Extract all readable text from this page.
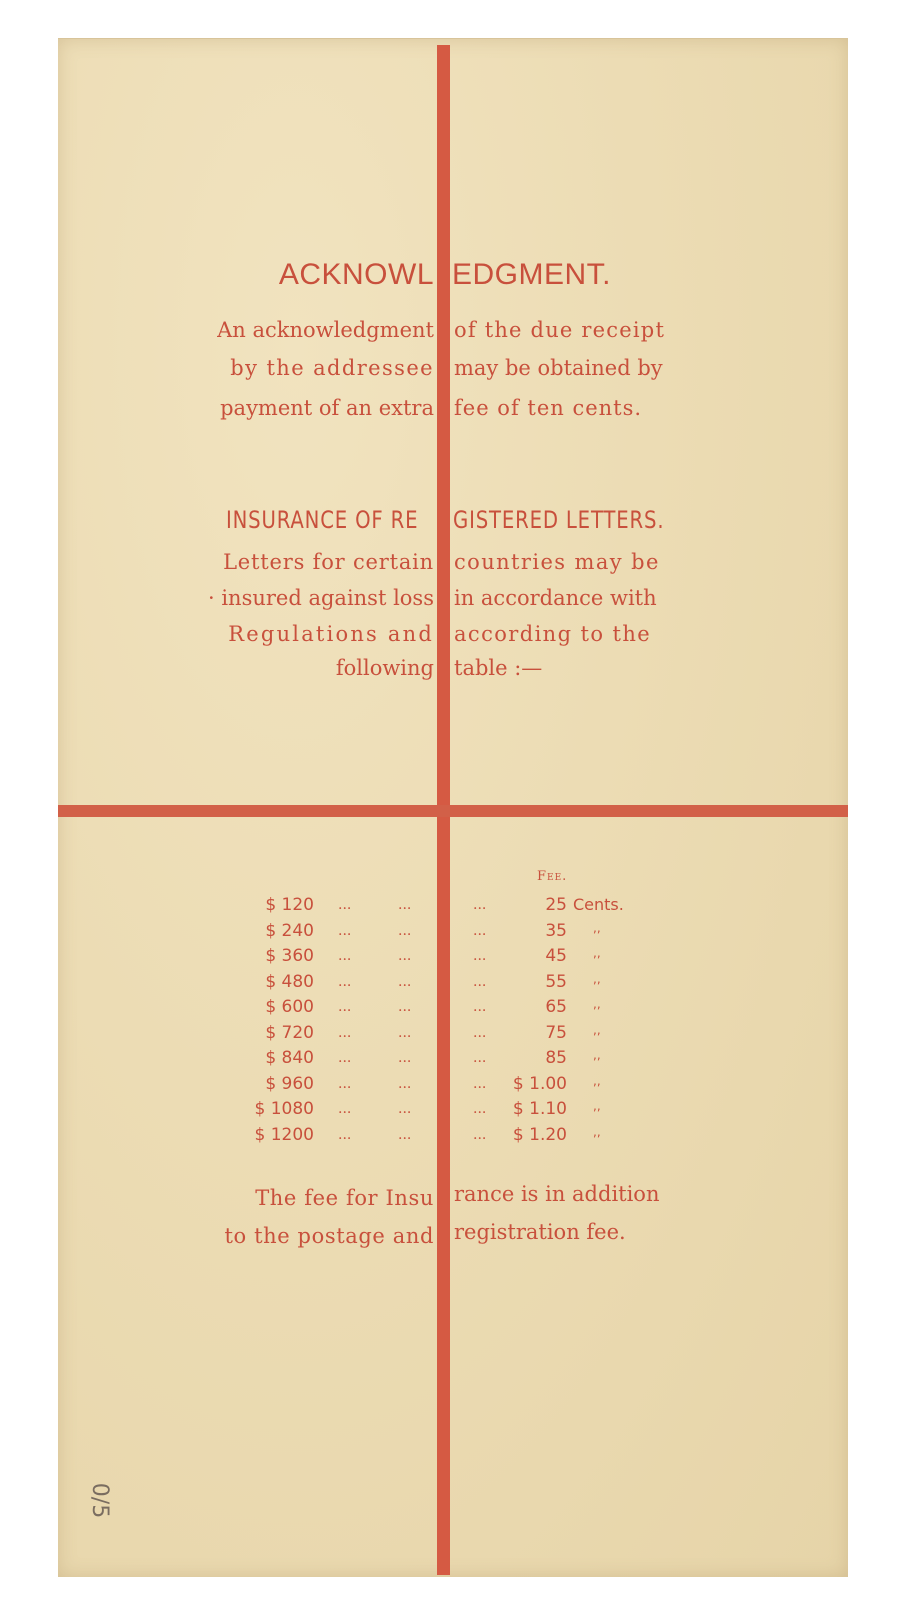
ACKNOWL EDGMENT.
An acknowledgment
by the addressee
payment of an extra
of the due receipt
may be obtained by
fee of ten cents.
INSURANCE OF RE GISTERED LETTERS.
Letters for certain
· insured against loss
Regulations and
following
countries may be
in accordance with
according to the
table :—
Fee.
$ 120 ...	...	...	25 Cents.
$ 240 ...	...	...	35 ,,
$ 360 ...	...	...	45 ,,
$ 480 ...	...	...	55 ,,
$ 600 ...	...	...	65 ,,
$ 720 ...	...	...	75 ,,
$ 840 ...	...	...	85 ,,
$ 960 ...	...	... $ 1.00 ,,
$ 1080 ...	...	... $ 1.10 ,,
$ 1200 ...	...	... $ 1.20 ,,
The fee for Insu
to the postage and
rance is in addition
registration fee.
0/5
